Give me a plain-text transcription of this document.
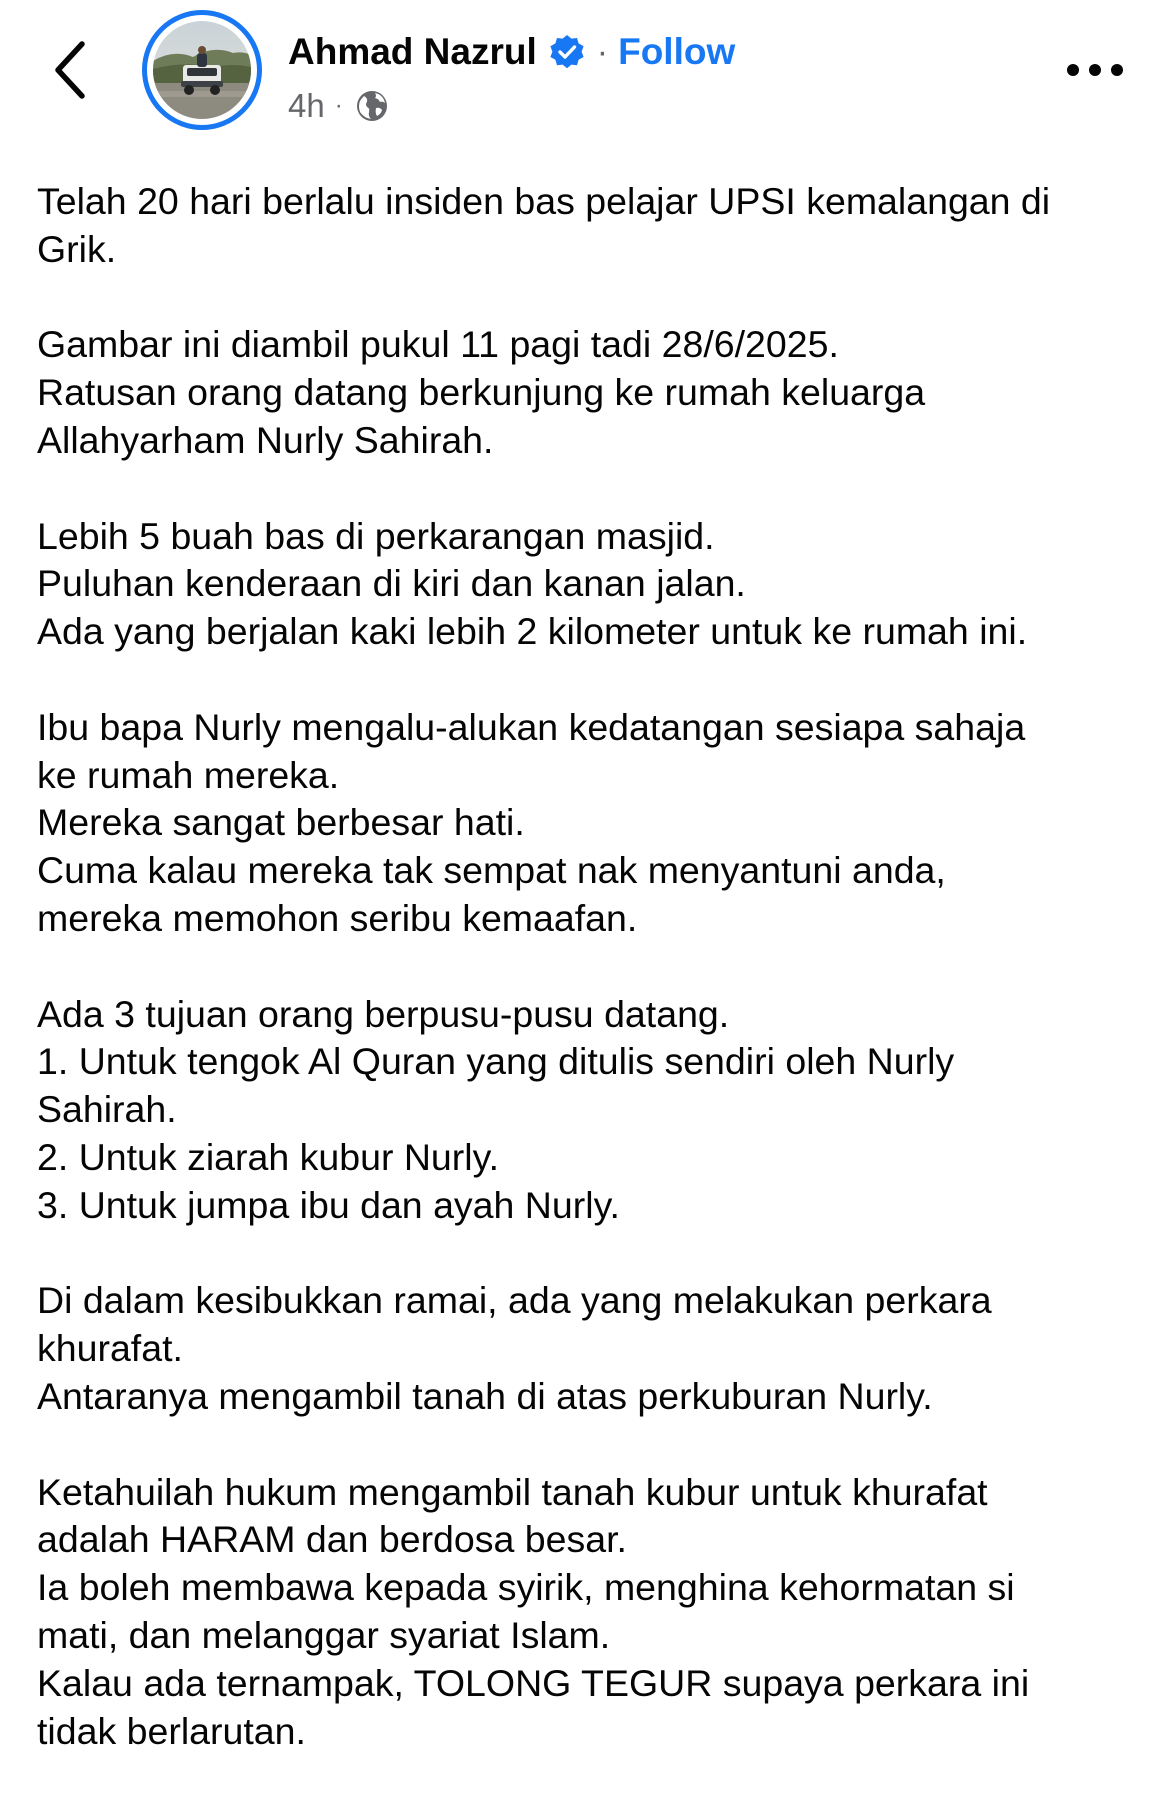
Ahmad Nazrul · Follow
4h ·
Telah 20 hari berlalu insiden bas pelajar UPSI kemalangan di
Grik.
Gambar ini diambil pukul 11 pagi tadi 28/6/2025.
Ratusan orang datang berkunjung ke rumah keluarga
Allahyarham Nurly Sahirah.
Lebih 5 buah bas di perkarangan masjid.
Puluhan kenderaan di kiri dan kanan jalan.
Ada yang berjalan kaki lebih 2 kilometer untuk ke rumah ini.
Ibu bapa Nurly mengalu-alukan kedatangan sesiapa sahaja
ke rumah mereka.
Mereka sangat berbesar hati.
Cuma kalau mereka tak sempat nak menyantuni anda,
mereka memohon seribu kemaafan.
Ada 3 tujuan orang berpusu-pusu datang.
1. Untuk tengok Al Quran yang ditulis sendiri oleh Nurly
Sahirah.
2. Untuk ziarah kubur Nurly.
3. Untuk jumpa ibu dan ayah Nurly.
Di dalam kesibukkan ramai, ada yang melakukan perkara
khurafat.
Antaranya mengambil tanah di atas perkuburan Nurly.
Ketahuilah hukum mengambil tanah kubur untuk khurafat
adalah HARAM dan berdosa besar.
Ia boleh membawa kepada syirik, menghina kehormatan si
mati, dan melanggar syariat Islam.
Kalau ada ternampak, TOLONG TEGUR supaya perkara ini
tidak berlarutan.
